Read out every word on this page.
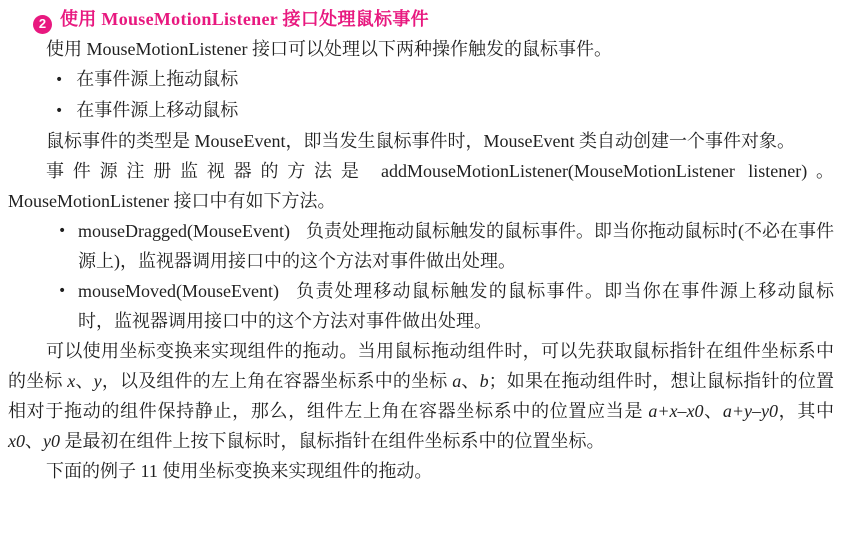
2 使用 MouseMotionListener 接口处理鼠标事件

使用 MouseMotionListener 接口可以处理以下两种操作触发的鼠标事件。

• 在事件源上拖动鼠标
• 在事件源上移动鼠标

鼠标事件的类型是 MouseEvent，即当发生鼠标事件时，MouseEvent 类自动创建一个事件对象。

事件源注册监视器的方法是 addMouseMotionListener(MouseMotionListener listener)。MouseMotionListener 接口中有如下方法。

• mouseDragged(MouseEvent) 负责处理拖动鼠标触发的鼠标事件。即当你拖动鼠标时(不必在事件源上)，监视器调用接口中的这个方法对事件做出处理。
• mouseMoved(MouseEvent) 负责处理移动鼠标触发的鼠标事件。即当你在事件源上移动鼠标时，监视器调用接口中的这个方法对事件做出处理。

可以使用坐标变换来实现组件的拖动。当用鼠标拖动组件时，可以先获取鼠标指针在组件坐标系中的坐标 x、y，以及组件的左上角在容器坐标系中的坐标 a、b；如果在拖动组件时，想让鼠标指针的位置相对于拖动的组件保持静止，那么，组件左上角在容器坐标系中的位置应当是 a+x–x0、a+y–y0，其中 x0、y0 是最初在组件上按下鼠标时，鼠标指针在组件坐标系中的位置坐标。

下面的例子 11 使用坐标变换来实现组件的拖动。
